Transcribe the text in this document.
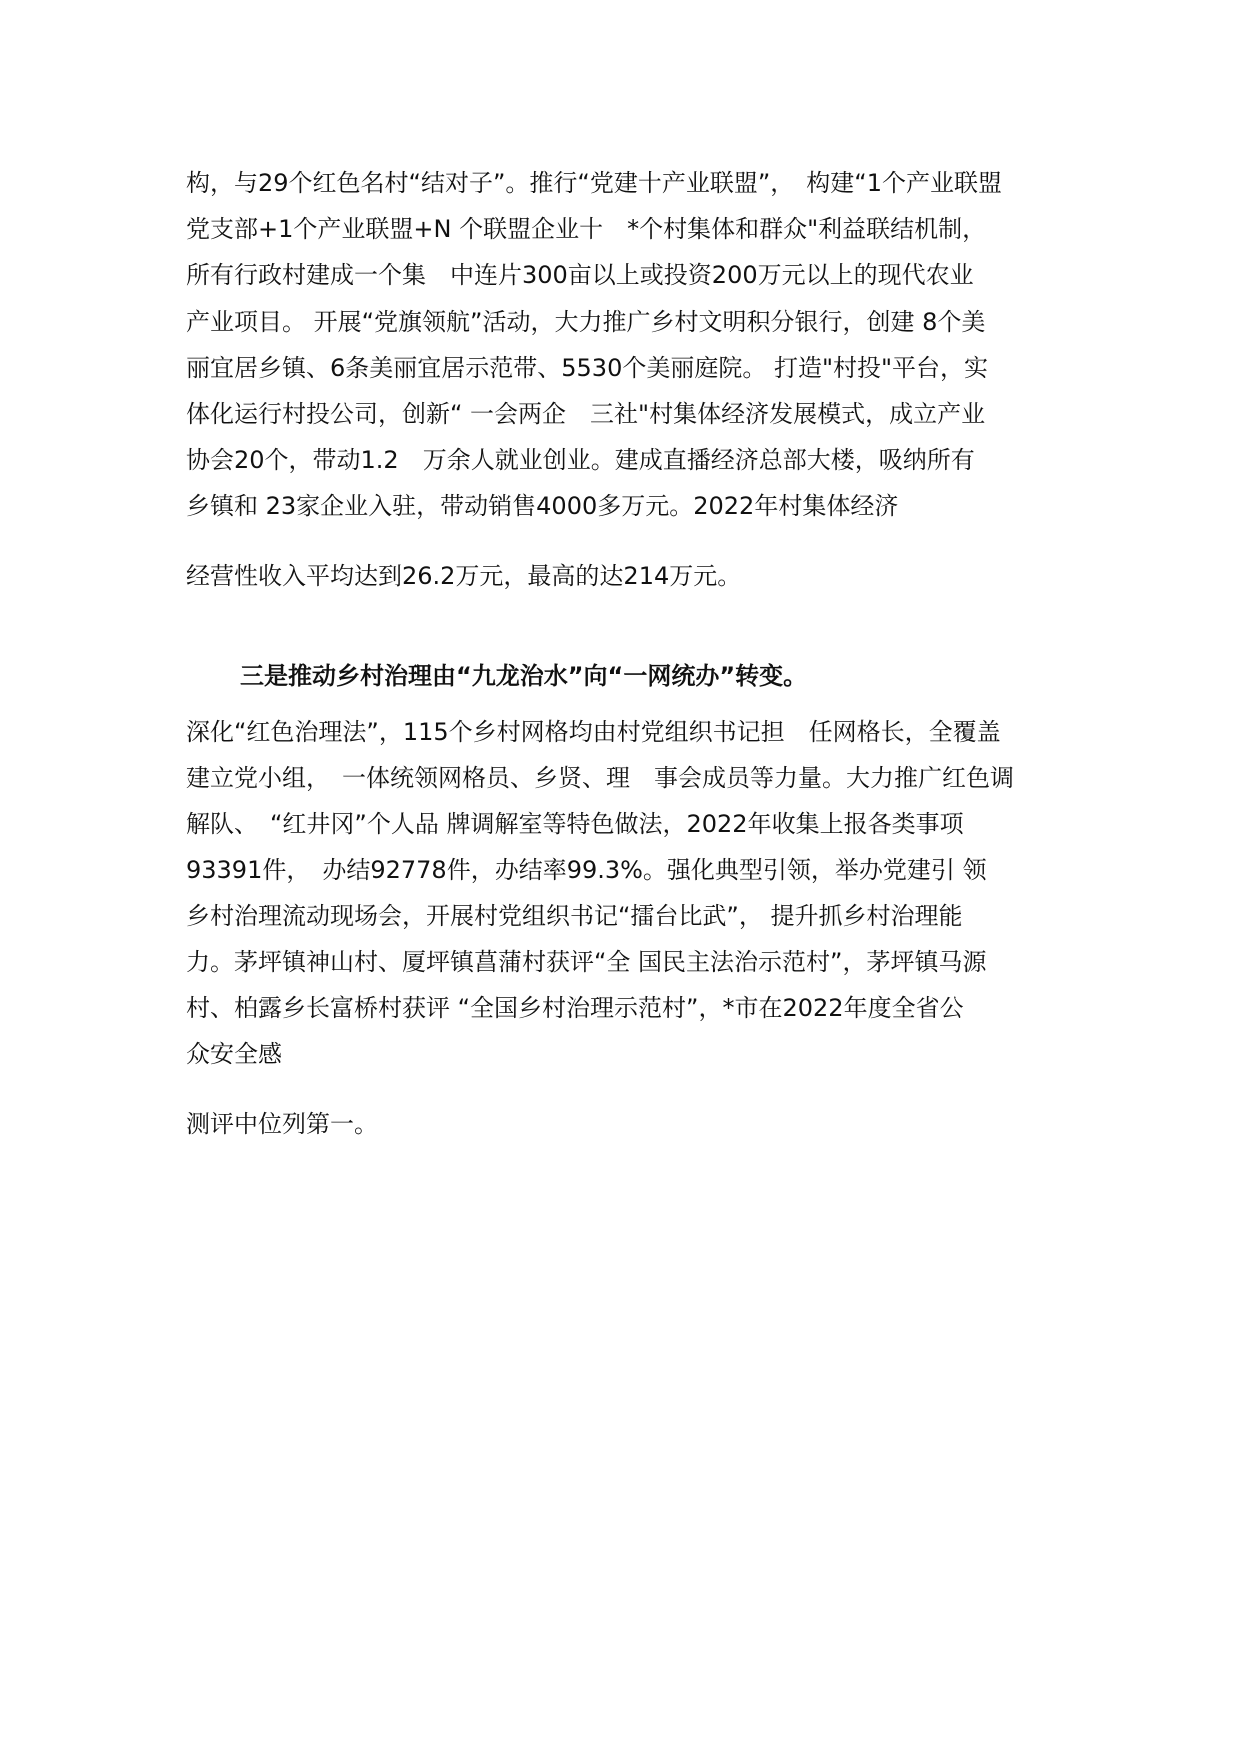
构，与29个红色名村“结对子”。推行“党建十产业联盟”，　构建“1个产业联盟
党支部+1个产业联盟+N 个联盟企业十　*个村集体和群众"利益联结机制，
所有行政村建成一个集　中连片300亩以上或投资200万元以上的现代农业
产业项目。 开展“党旗领航”活动，大力推广乡村文明积分银行，创建 8个美
丽宜居乡镇、6条美丽宜居示范带、5530个美丽庭院。 打造"村投"平台，实
体化运行村投公司，创新“ 一会两企　三社"村集体经济发展模式，成立产业
协会20个，带动1.2　万余人就业创业。建成直播经济总部大楼，吸纳所有
乡镇和 23家企业入驻，带动销售4000多万元。2022年村集体经济
经营性收入平均达到26.2万元，最高的达214万元。
三是推动乡村治理由“九龙治水”向“一网统办”转变。
深化“红色治理法”，115个乡村网格均由村党组织书记担　任网格长，全覆盖
建立党小组，　一体统领网格员、乡贤、理　事会成员等力量。大力推广红色调
解队、　“红井冈”个人品 牌调解室等特色做法，2022年收集上报各类事项
93391件，　办结92778件，办结率99.3%。强化典型引领，举办党建引 领
乡村治理流动现场会，开展村党组织书记“擂台比武”， 提升抓乡村治理能
力。茅坪镇神山村、厦坪镇菖蒲村获评“全 国民主法治示范村”，茅坪镇马源
村、柏露乡长富桥村获评 “全国乡村治理示范村”，*市在2022年度全省公
众安全感
测评中位列第一。
